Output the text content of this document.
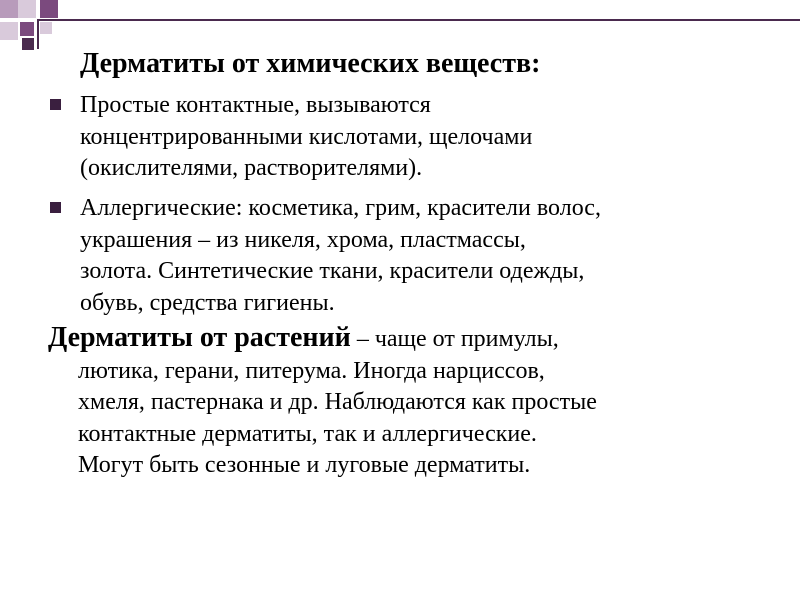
Дерматиты от химических веществ:
Простые контактные, вызываются
концентрированными кислотами, щелочами
(окислителями, растворителями).
Аллергические: косметика, грим, красители волос,
украшения – из никеля, хрома, пластмассы,
золота. Синтетические ткани, красители одежды,
обувь, средства гигиены.
Дерматиты от растений – чаще от примулы,
лютика, герани, питерума. Иногда нарциссов,
хмеля, пастернака и др. Наблюдаются как простые
контактные дерматиты, так и аллергические.
Могут быть сезонные и луговые дерматиты.
